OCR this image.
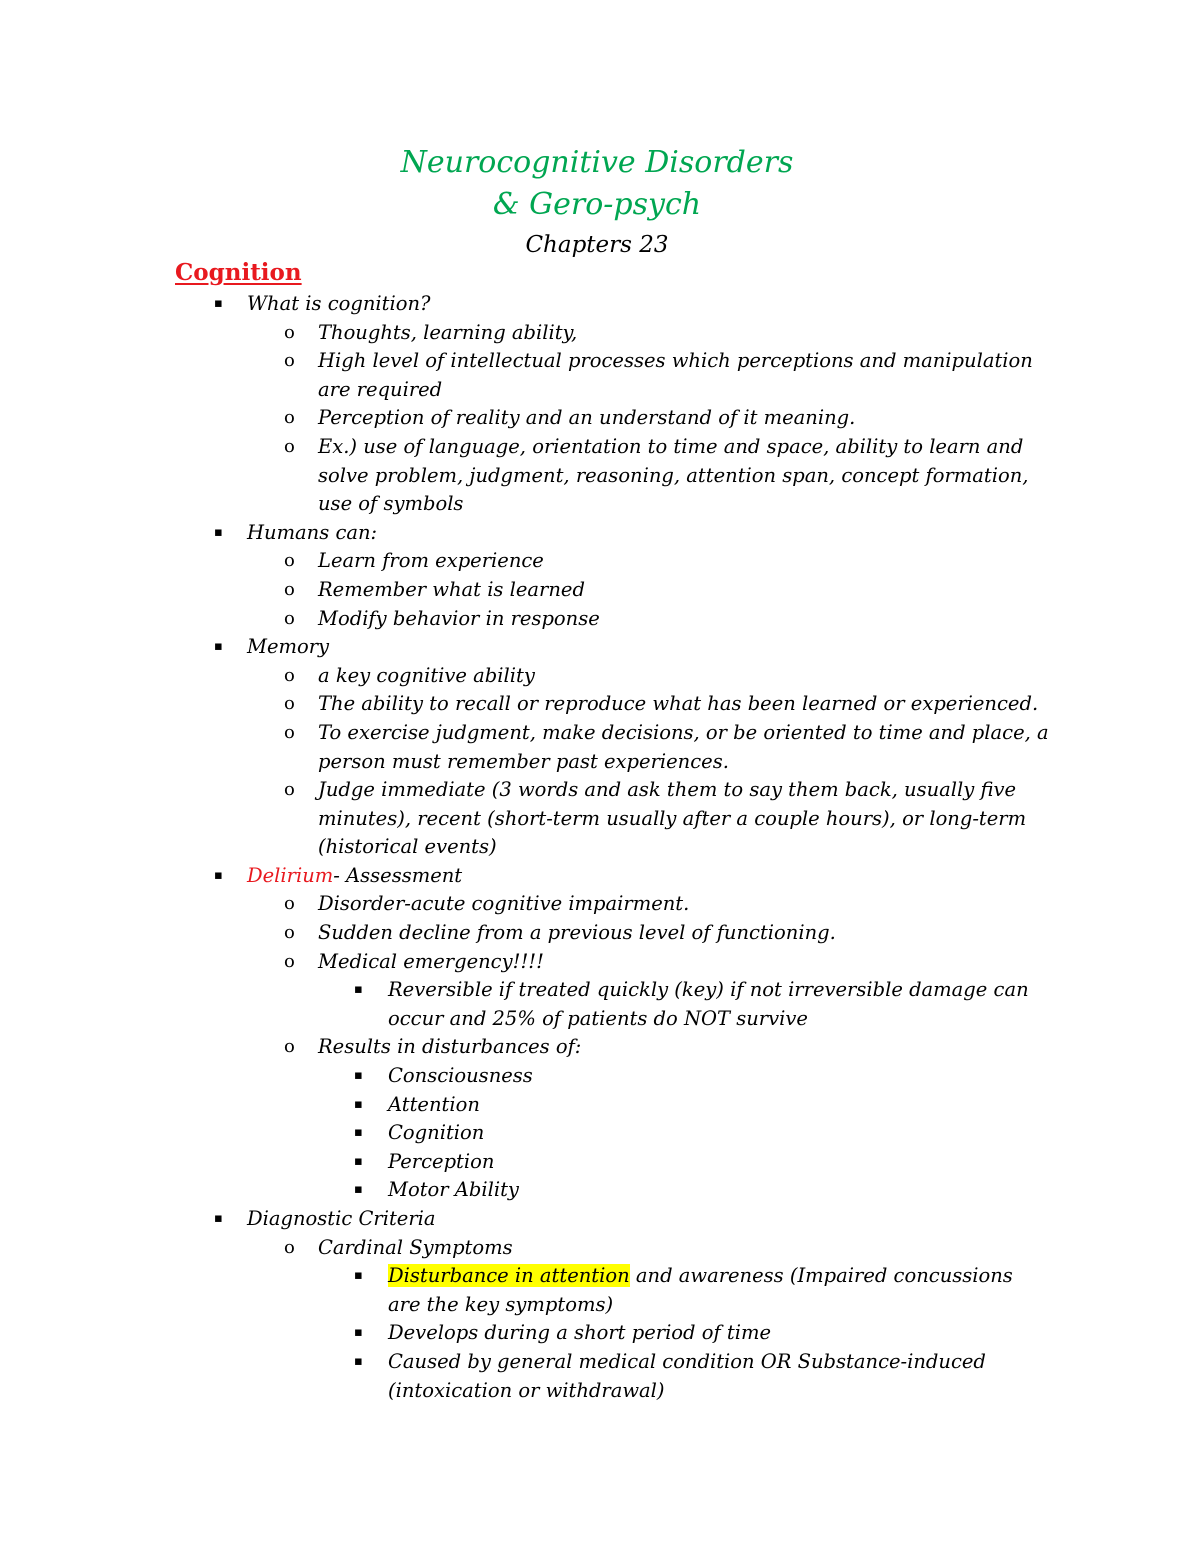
Neurocognitive Disorders
& Gero-psych
Chapters 23
Cognition
▪ What is cognition?
o Thoughts, learning ability,
o High level of intellectual processes which perceptions and manipulation
are required
o Perception of reality and an understand of it meaning.
o Ex.) use of language, orientation to time and space, ability to learn and
solve problem, judgment, reasoning, attention span, concept formation,
use of symbols
▪ Humans can:
o Learn from experience
o Remember what is learned
o Modify behavior in response
▪ Memory
o a key cognitive ability
o The ability to recall or reproduce what has been learned or experienced.
o To exercise judgment, make decisions, or be oriented to time and place, a
person must remember past experiences.
o Judge immediate (3 words and ask them to say them back, usually five
minutes), recent (short-term usually after a couple hours), or long-term
(historical events)
▪ Delirium- Assessment
o Disorder-acute cognitive impairment.
o Sudden decline from a previous level of functioning.
o Medical emergency!!!!
▪ Reversible if treated quickly (key) if not irreversible damage can
occur and 25% of patients do NOT survive
o Results in disturbances of:
▪ Consciousness
▪ Attention
▪ Cognition
▪ Perception
▪ Motor Ability
▪ Diagnostic Criteria
o Cardinal Symptoms
▪ Disturbance in attention and awareness (Impaired concussions
are the key symptoms)
▪ Develops during a short period of time
▪ Caused by general medical condition OR Substance-induced
(intoxication or withdrawal)
